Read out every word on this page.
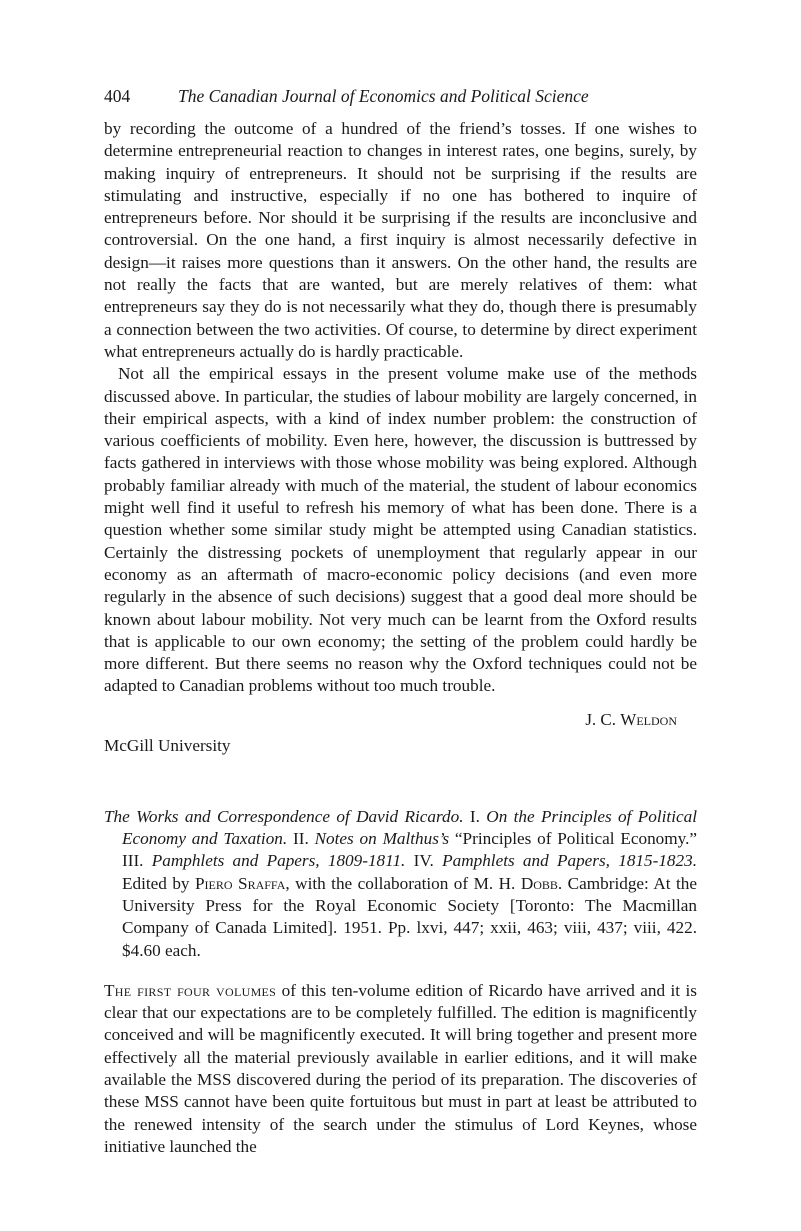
404	The Canadian Journal of Economics and Political Science

by recording the outcome of a hundred of the friend’s tosses. If one wishes to determine entrepreneurial reaction to changes in interest rates, one begins, surely, by making inquiry of entrepreneurs. It should not be surprising if the results are stimulating and instructive, especially if no one has bothered to inquire of entrepreneurs before. Nor should it be surprising if the results are inconclusive and controversial. On the one hand, a first inquiry is almost necessarily defective in design—it raises more questions than it answers. On the other hand, the results are not really the facts that are wanted, but are merely relatives of them: what entrepreneurs say they do is not necessarily what they do, though there is presumably a connection between the two activities. Of course, to determine by direct experiment what entrepreneurs actually do is hardly practicable.

Not all the empirical essays in the present volume make use of the methods discussed above. In particular, the studies of labour mobility are largely concerned, in their empirical aspects, with a kind of index number problem: the construction of various coefficients of mobility. Even here, however, the discussion is buttressed by facts gathered in interviews with those whose mobility was being explored. Although probably familiar already with much of the material, the student of labour economics might well find it useful to refresh his memory of what has been done. There is a question whether some similar study might be attempted using Canadian statistics. Certainly the distressing pockets of unemployment that regularly appear in our economy as an aftermath of macro-economic policy decisions (and even more regularly in the absence of such decisions) suggest that a good deal more should be known about labour mobility. Not very much can be learnt from the Oxford results that is applicable to our own economy; the setting of the problem could hardly be more different. But there seems no reason why the Oxford techniques could not be adapted to Canadian problems without too much trouble.

J. C. Weldon
McGill University

The Works and Correspondence of David Ricardo. I. On the Principles of Political Economy and Taxation. II. Notes on Malthus’s “Principles of Political Economy.” III. Pamphlets and Papers, 1809-1811. IV. Pamphlets and Papers, 1815-1823. Edited by Piero Sraffa, with the collaboration of M. H. Dobb. Cambridge: At the University Press for the Royal Economic Society [Toronto: The Macmillan Company of Canada Limited]. 1951. Pp. lxvi, 447; xxii, 463; viii, 437; viii, 422. $4.60 each.

The first four volumes of this ten-volume edition of Ricardo have arrived and it is clear that our expectations are to be completely fulfilled. The edition is magnificently conceived and will be magnificently executed. It will bring together and present more effectively all the material previously available in earlier editions, and it will make available the MSS discovered during the period of its preparation. The discoveries of these MSS cannot have been quite fortuitous but must in part at least be attributed to the renewed intensity of the search under the stimulus of Lord Keynes, whose initiative launched the
